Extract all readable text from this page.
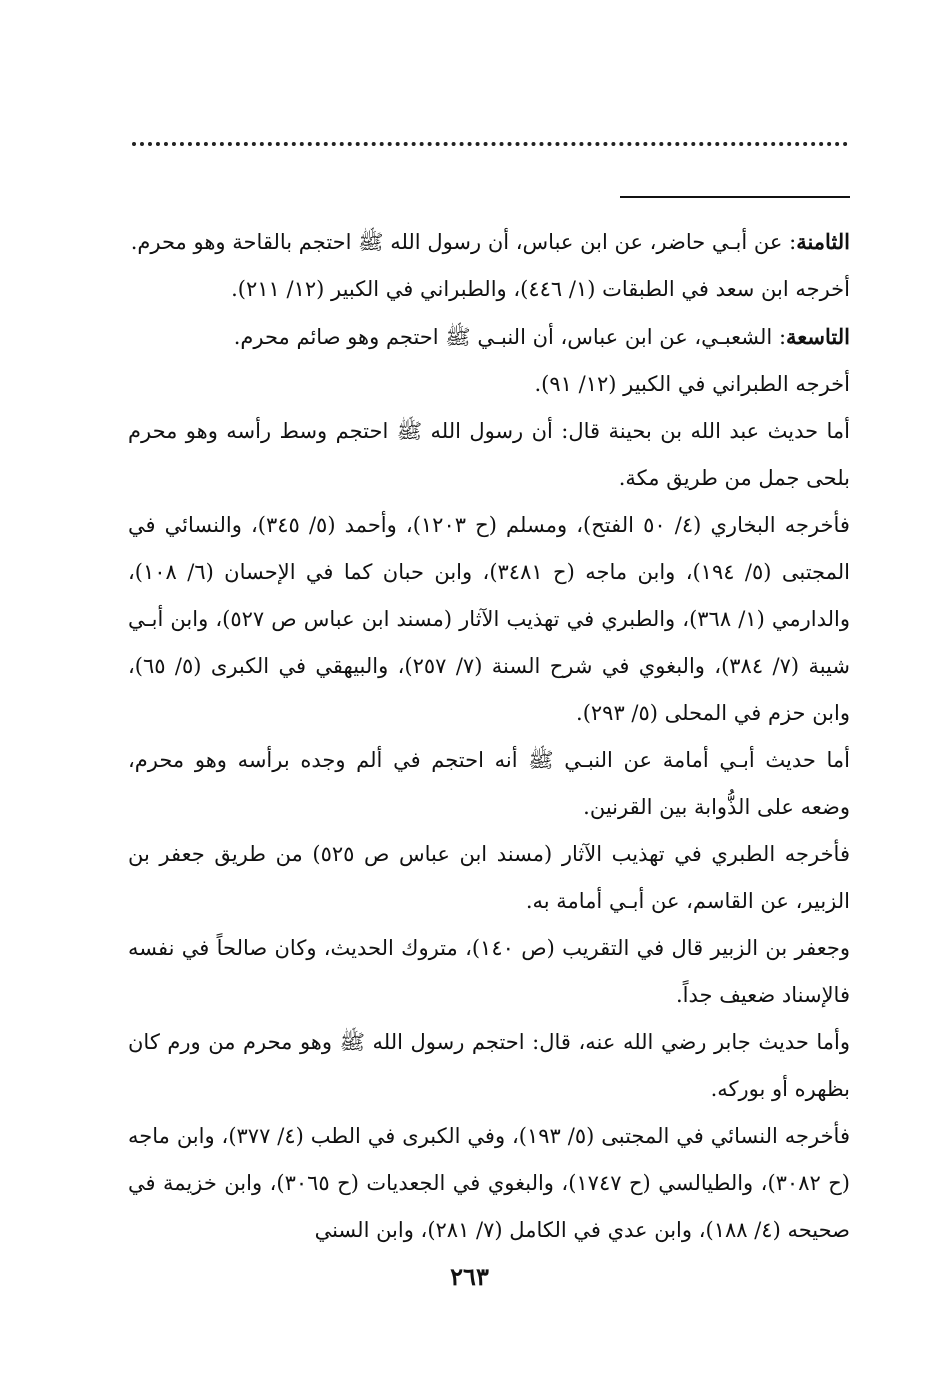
الثامنة: عن أبـي حاضر، عن ابن عباس، أن رسول الله ﷺ احتجم بالقاحة وهو محرم.

أخرجه ابن سعد في الطبقات (١/ ٤٤٦)، والطبراني في الكبير (١٢/ ٢١١).

التاسعة: الشعبـي، عن ابن عباس، أن النبـي ﷺ احتجم وهو صائم محرم.

أخرجه الطبراني في الكبير (١٢/ ٩١).

أما حديث عبد الله بن بحينة قال: أن رسول الله ﷺ احتجم وسط رأسه وهو محرم بلحى جمل من طريق مكة.

فأخرجه البخاري (٤/ ٥٠ الفتح)، ومسلم (ح ١٢٠٣)، وأحمد (٥/ ٣٤٥)، والنسائي في المجتبى (٥/ ١٩٤)، وابن ماجه (ح ٣٤٨١)، وابن حبان كما في الإحسان (٦/ ١٠٨)، والدارمي (١/ ٣٦٨)، والطبري في تهذيب الآثار (مسند ابن عباس ص ٥٢٧)، وابن أبـي شيبة (٧/ ٣٨٤)، والبغوي في شرح السنة (٧/ ٢٥٧)، والبيهقي في الكبرى (٥/ ٦٥)، وابن حزم في المحلى (٥/ ٢٩٣).

أما حديث أبـي أمامة عن النبـي ﷺ أنه احتجم في ألم وجده برأسه وهو محرم، وضعه على الذُّوابة بين القرنين.

فأخرجه الطبري في تهذيب الآثار (مسند ابن عباس ص ٥٢٥) من طريق جعفر بن الزبير، عن القاسم، عن أبـي أمامة به.

وجعفر بن الزبير قال في التقريب (ص ١٤٠)، متروك الحديث، وكان صالحاً في نفسه فالإسناد ضعيف جداً.

وأما حديث جابر رضي الله عنه، قال: احتجم رسول الله ﷺ وهو محرم من ورم كان بظهره أو بوركه.

فأخرجه النسائي في المجتبى (٥/ ١٩٣)، وفي الكبرى في الطب (٤/ ٣٧٧)، وابن ماجه (ح ٣٠٨٢)، والطيالسي (ح ١٧٤٧)، والبغوي في الجعديات (ح ٣٠٦٥)، وابن خزيمة في صحيحه (٤/ ١٨٨)، وابن عدي في الكامل (٧/ ٢٨١)، وابن السني

٢٦٣
